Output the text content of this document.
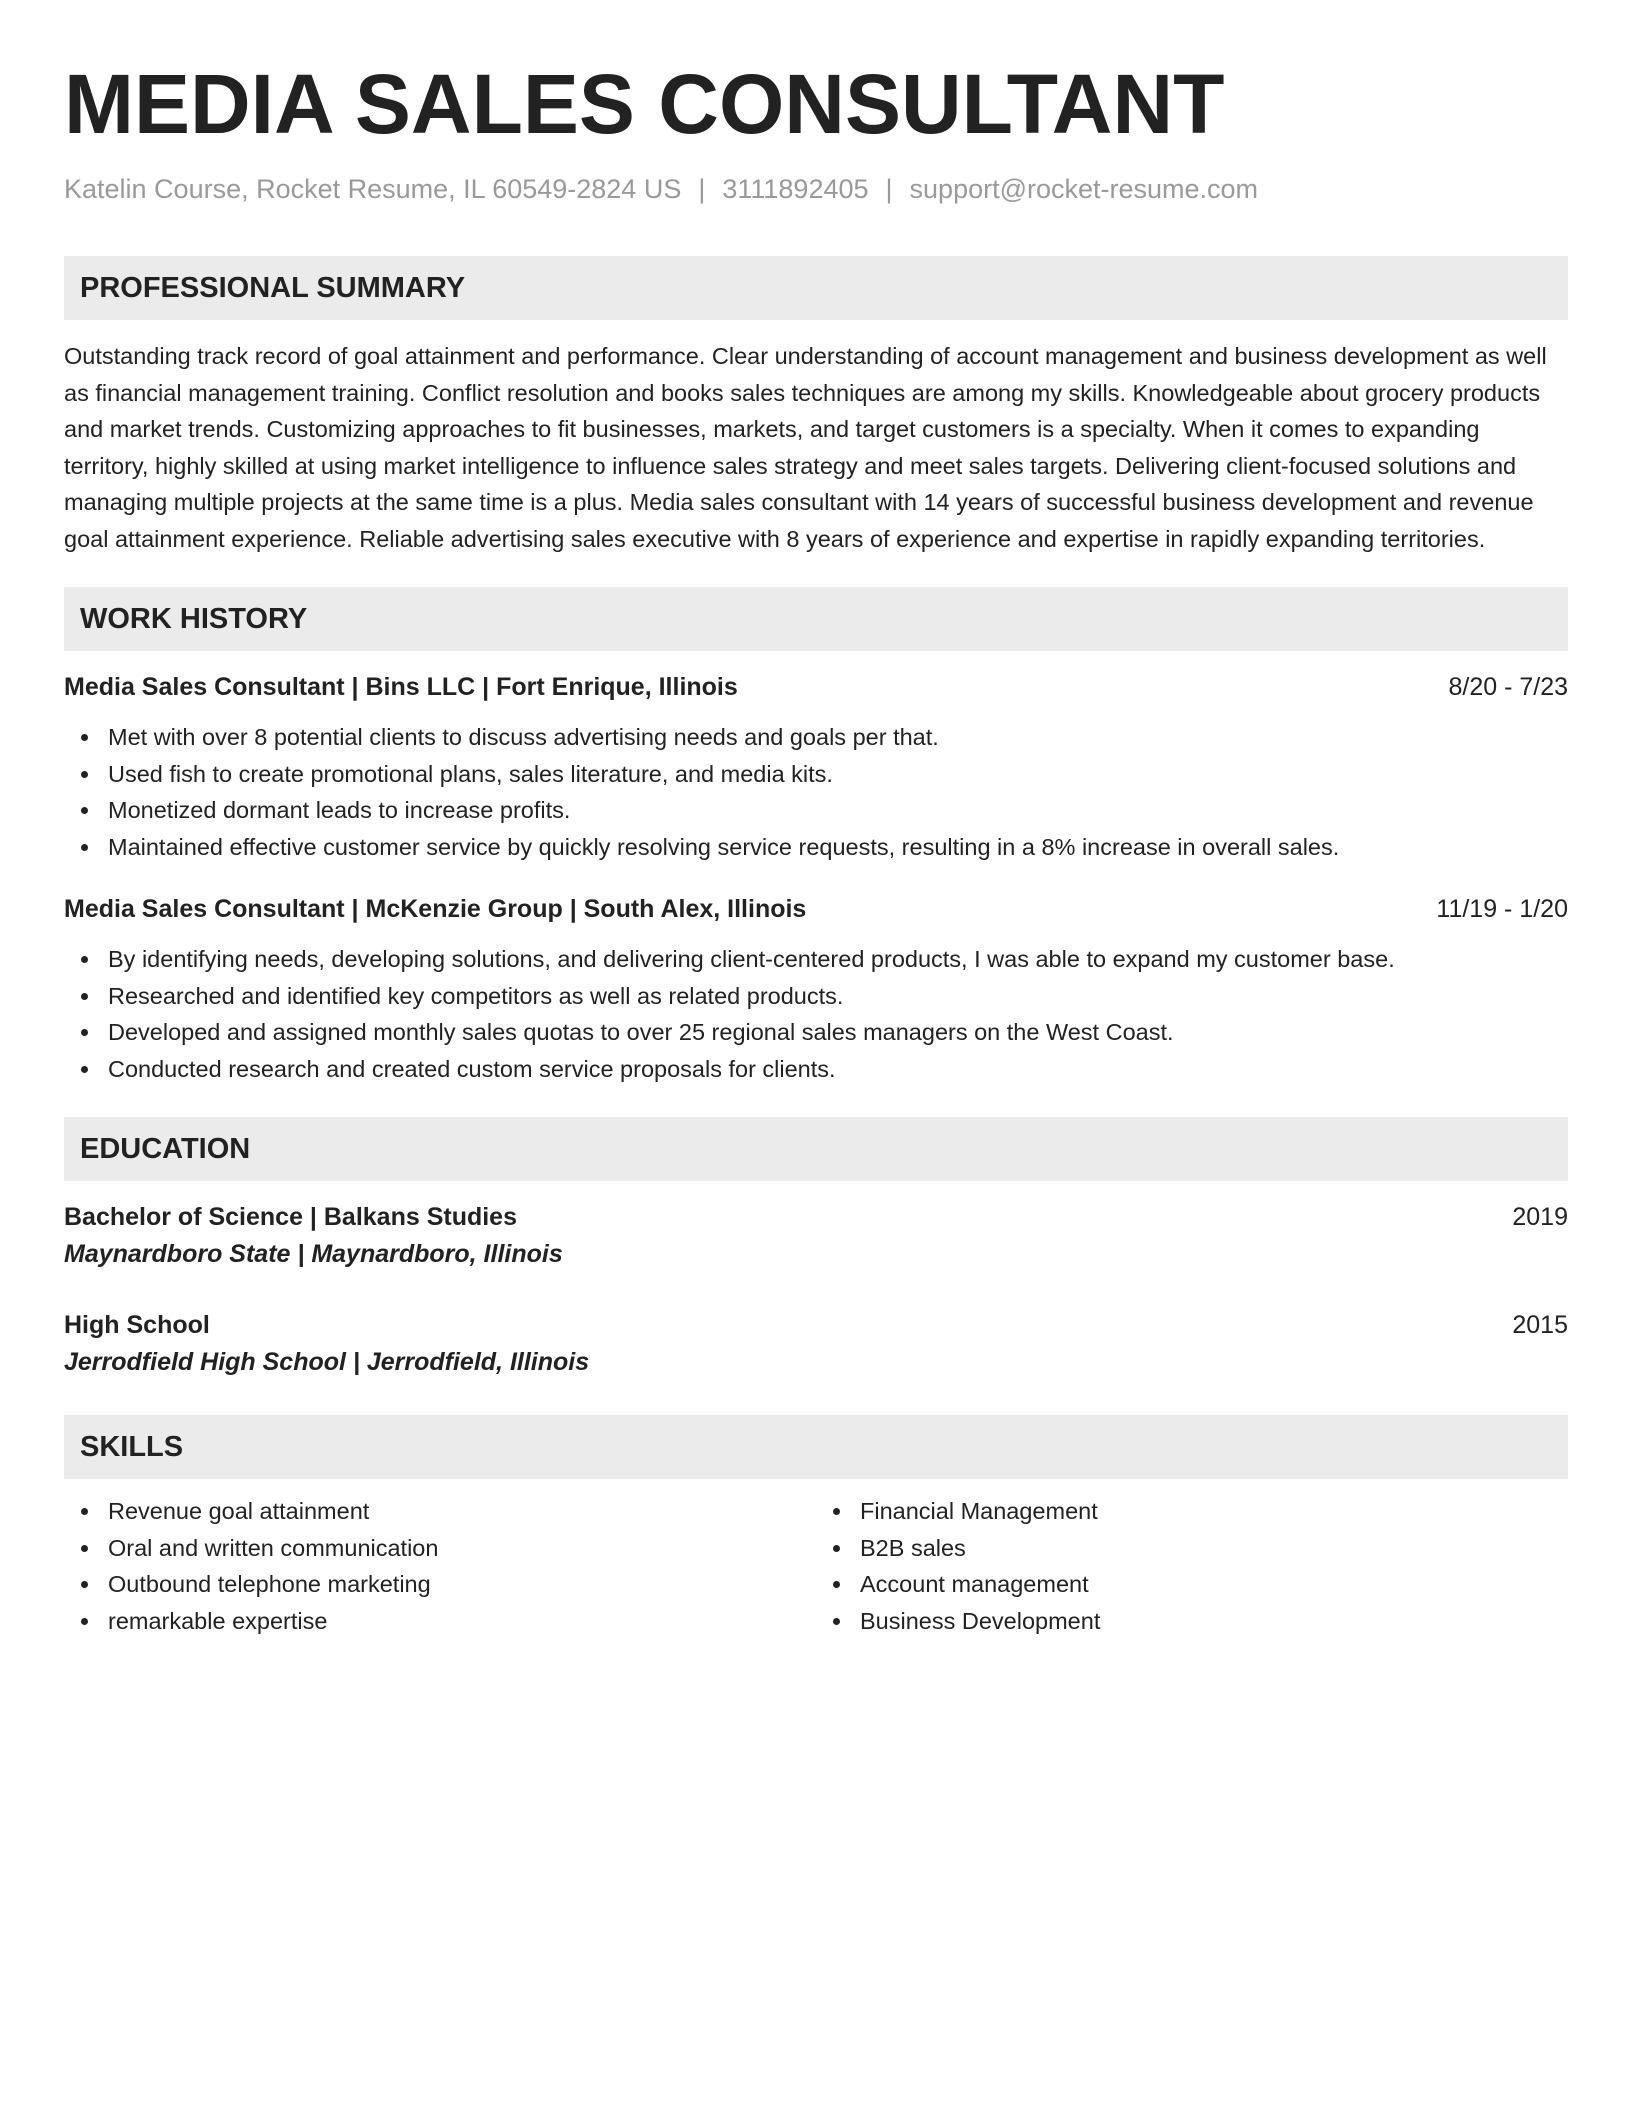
MEDIA SALES CONSULTANT
Katelin Course, Rocket Resume, IL 60549-2824 US | 3111892405 | support@rocket-resume.com
PROFESSIONAL SUMMARY

Outstanding track record of goal attainment and performance. Clear understanding of account management and business development as well as financial management training. Conflict resolution and books sales techniques are among my skills. Knowledgeable about grocery products and market trends. Customizing approaches to fit businesses, markets, and target customers is a specialty. When it comes to expanding territory, highly skilled at using market intelligence to influence sales strategy and meet sales targets. Delivering client-focused solutions and managing multiple projects at the same time is a plus. Media sales consultant with 14 years of successful business development and revenue goal attainment experience. Reliable advertising sales executive with 8 years of experience and expertise in rapidly expanding territories.

WORK HISTORY
Media Sales Consultant | Bins LLC | Fort Enrique, Illinois	8/20 - 7/23
Met with over 8 potential clients to discuss advertising needs and goals per that.
Used fish to create promotional plans, sales literature, and media kits.
Monetized dormant leads to increase profits.
Maintained effective customer service by quickly resolving service requests, resulting in a 8% increase in overall sales.
Media Sales Consultant | McKenzie Group | South Alex, Illinois	11/19 - 1/20
By identifying needs, developing solutions, and delivering client-centered products, I was able to expand my customer base.
Researched and identified key competitors as well as related products.
Developed and assigned monthly sales quotas to over 25 regional sales managers on the West Coast.
Conducted research and created custom service proposals for clients.
EDUCATION
Bachelor of Science | Balkans Studies	2019
Maynardboro State | Maynardboro, Illinois
High School	2015
Jerrodfield High School | Jerrodfield, Illinois
SKILLS
Revenue goal attainment
Oral and written communication
Outbound telephone marketing
remarkable expertise
Financial Management
B2B sales
Account management
Business Development
